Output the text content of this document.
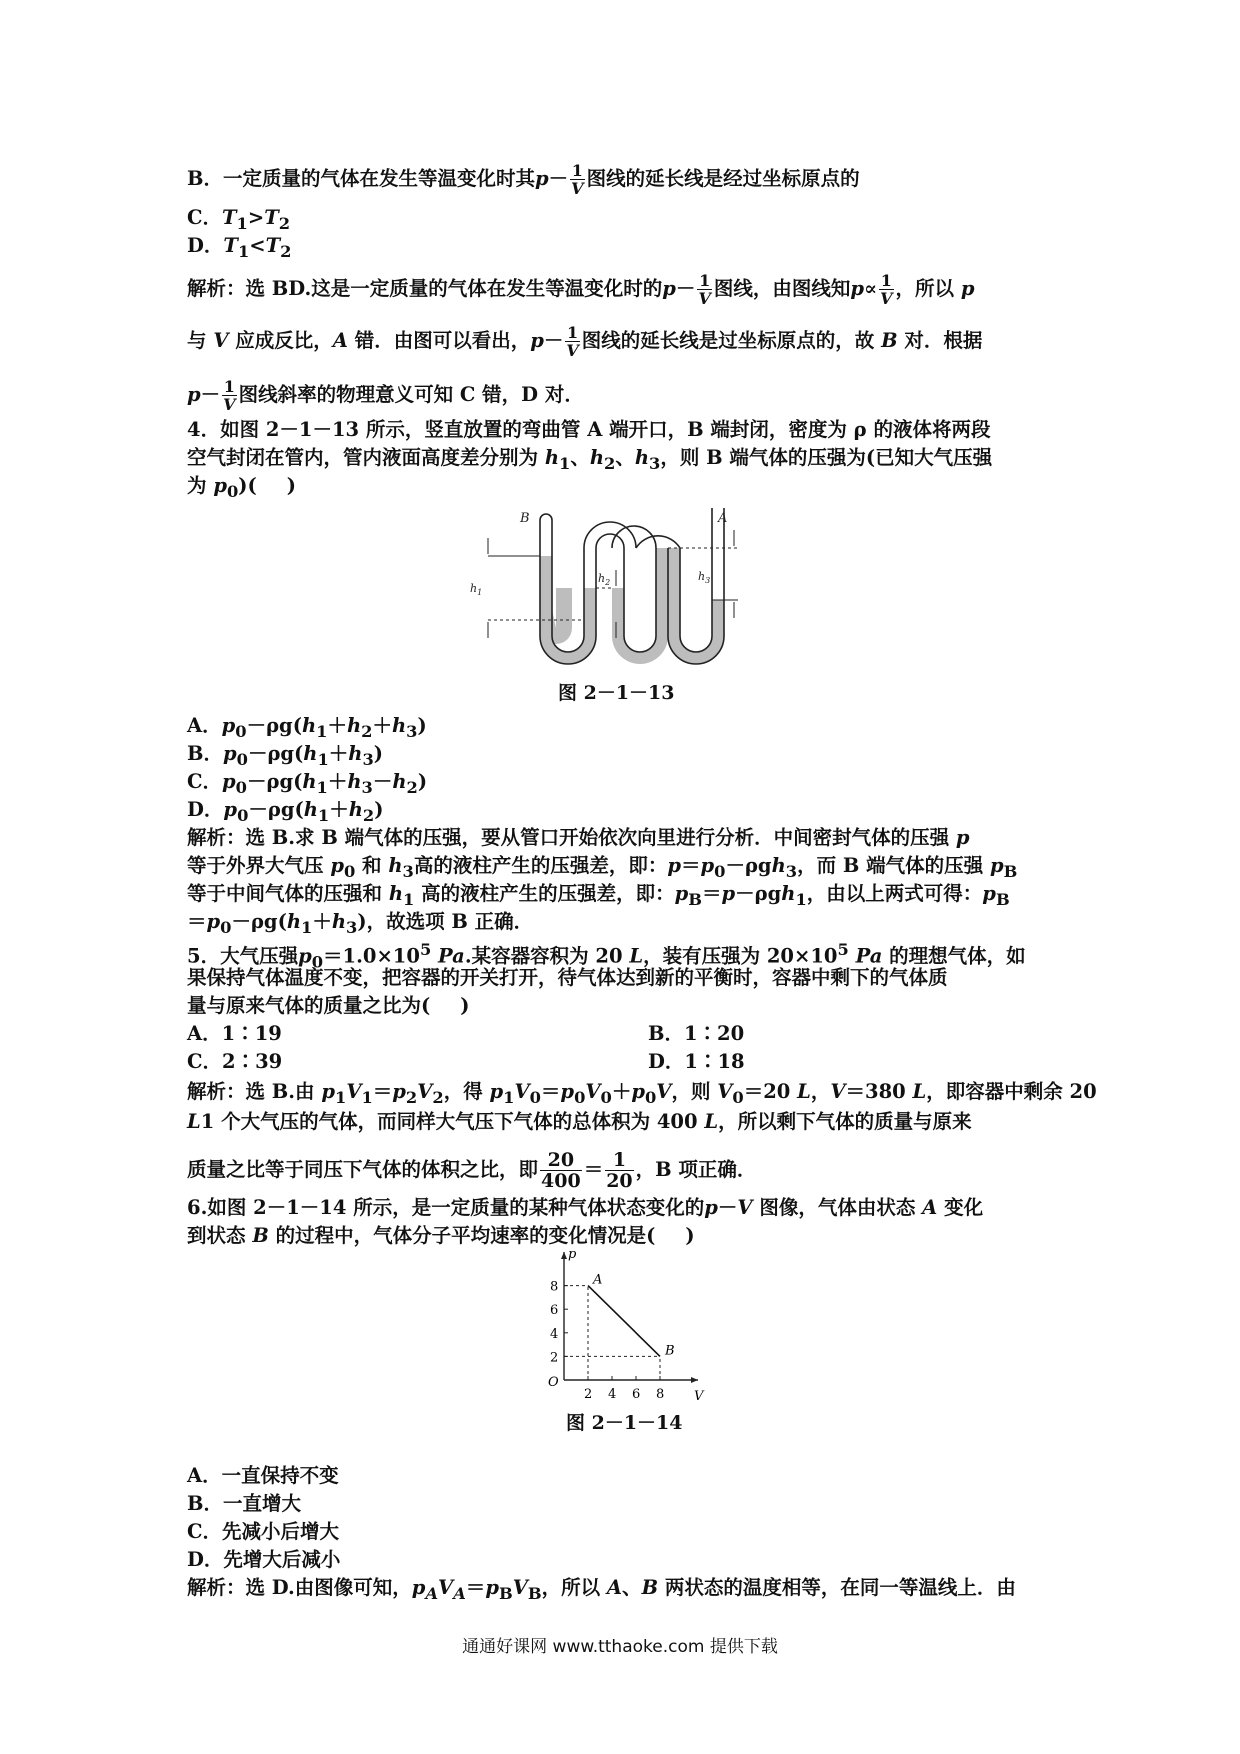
B．一定质量的气体在发生等温变化时其$p- \frac{1}{V}$ 图线的延长线是经过坐标原点的
C．$T_1>T_2$
D．$T_1<T_2$
解析：选 BD.这是一定质量的气体在发生等温变化时的$p- \frac{1}{V}$ 图线，由图线知$p\propto \frac{1}{V}$ ，所以 p
与 V 应成反比，A 错．由图可以看出，$p- \frac{1}{V}$ 图线的延长线是过坐标原点的，故 B 对．根据
$p- \frac{1}{V}$ 图线斜率的物理意义可知 C 错，D 对．
4．如图 2－1－13 所示，竖直放置的弯曲管 A 端开口，B 端封闭，密度为 ρ 的液体将两段
空气封闭在管内，管内液面高度差分别为 $h_1$、$h_2$、$h_3$，则 B 端气体的压强为(已知大气压强
为 $p_0$)( )
B	A
$h_1$
$h_2$	$h_3$
图 2－1－13
A．$p_0-\rho g(h_1+h_2+h_3)$
B．$p_0-\rho g(h_1+h_3)$
C．$p_0-\rho g(h_1+h_3-h_2)$
D．$p_0-\rho g(h_1+h_2)$
解析：选 B.求 B 端气体的压强，要从管口开始依次向里进行分析．中间密封气体的压强 p
等于外界大气压 $p_0$ 和 $h_3$高的液柱产生的压强差，即：$p=p_0-\rho gh_3$，而 B 端气体的压强 $p_B$
等于中间气体的压强和 $h_1$ 高的液柱产生的压强差，即：$p_B=p-\rho gh_1$，由以上两式可得：$p_B$
$=p_0-\rho g(h_1+h_3)$，故选项 B 正确．
5．大气压强$p_0=1.0\times 10^5$ Pa.某容器容积为 20 L，装有压强为 $20\times 10^5$ Pa 的理想气体，如
果保持气体温度不变，把容器的开关打开，待气体达到新的平衡时，容器中剩下的气体质
量与原来气体的质量之比为( )
A．1∶19	B．1∶20
C．2∶39	D．1∶18
解析：选 B.由 $p_1V_1=p_2V_2$，得 $p_1V_0=p_0V_0+p_0V$，则 $V_0=20$ L，V＝380 L，即容器中剩余 20
L1 个大气压的气体，而同样大气压下气体的总体积为 400 L，所以剩下气体的质量与原来
质量之比等于同压下气体的体积之比，即 $\frac{20}{400} = \frac{1}{20}$ ，B 项正确．
6.如图 2－1－14 所示，是一定质量的某种气体状态变化的p－V 图像，气体由状态 A 变化
到状态 B 的过程中，气体分子平均速率的变化情况是( )
V
p
O
2 4 6 8
2
4
6
8	A
B
图 2－1－14
A．一直保持不变
B．一直增大
C．先减小后增大
D．先增大后减小
解析：选 D.由图像可知，$p_AV_A=p_BV_B$，所以 A、B 两状态的温度相等，在同一等温线上．由
通通好课网 www.tthaoke.com 提供下载
